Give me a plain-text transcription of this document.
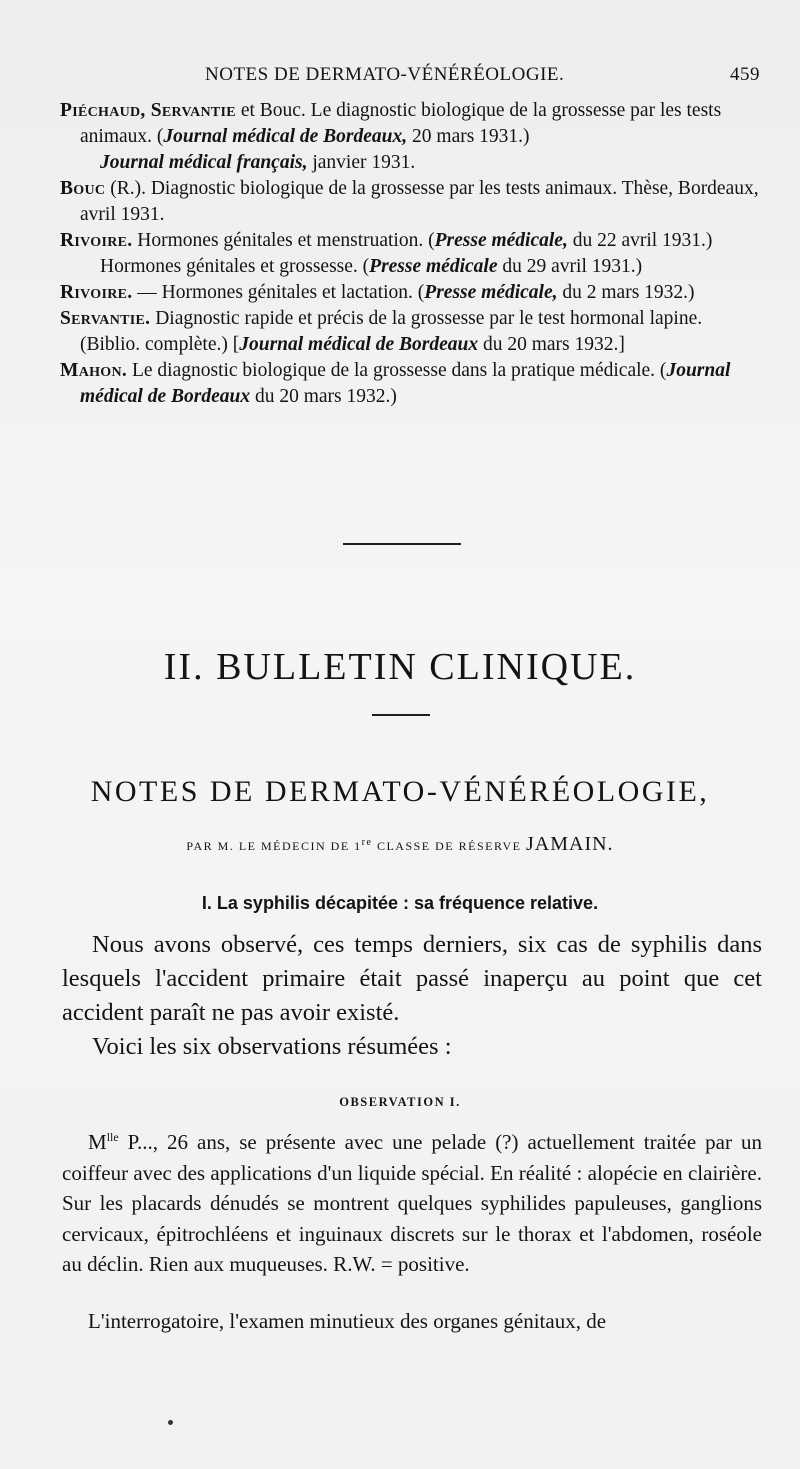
NOTES DE DERMATO-VÉNÉRÉOLOGIE.	459

Piéchaud, Servantie et Bouc. Le diagnostic biologique de la grossesse par les tests animaux. (Journal médical de Bordeaux, 20 mars 1931.)

Journal médical français, janvier 1931.

Bouc (R.). Diagnostic biologique de la grossesse par les tests animaux. Thèse, Bordeaux, avril 1931.

Rivoire. Hormones génitales et menstruation. (Presse médicale, du 22 avril 1931.)

Hormones génitales et grossesse. (Presse médicale du 29 avril 1931.)

Rivoire. — Hormones génitales et lactation. (Presse médicale, du 2 mars 1932.)

Servantie. Diagnostic rapide et précis de la grossesse par le test hormonal lapine. (Biblio. complète.) [Journal médical de Bordeaux du 20 mars 1932.]

Mahon. Le diagnostic biologique de la grossesse dans la pratique médicale. (Journal médical de Bordeaux du 20 mars 1932.)

II. BULLETIN CLINIQUE.
NOTES DE DERMATO-VÉNÉRÉOLOGIE,
PAR M. LE MÉDECIN DE 1re CLASSE DE RÉSERVE JAMAIN.
I. La syphilis décapitée : sa fréquence relative.

Nous avons observé, ces temps derniers, six cas de syphilis dans lesquels l'accident primaire était passé inaperçu au point que cet accident paraît ne pas avoir existé.

Voici les six observations résumées :

OBSERVATION I.

$M^{lle}$ P..., 26 ans, se présente avec une pelade (?) actuellement traitée par un coiffeur avec des applications d'un liquide spécial. En réalité : alopécie en clairière. Sur les placards dénudés se montrent quelques syphilides papuleuses, ganglions cervicaux, épitrochléens et inguinaux discrets sur le thorax et l'abdomen, roséole au déclin. Rien aux muqueuses. R.W. = positive.

L'interrogatoire, l'examen minutieux des organes génitaux, de
